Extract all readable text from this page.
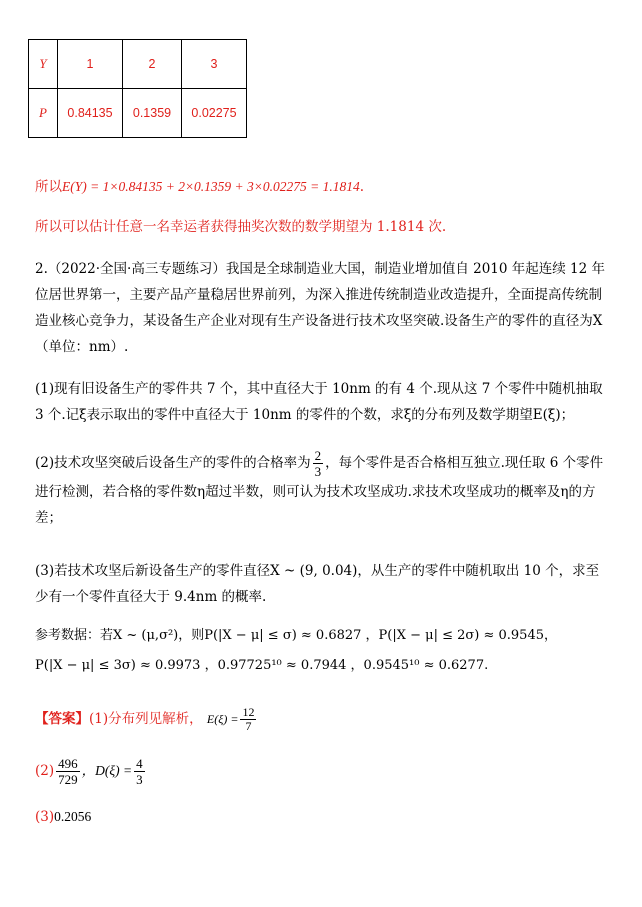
Y	1	2	3
P	0.84135	0.1359	0.02275
所以E(Y) = 1×0.84135 + 2×0.1359 + 3×0.02275 = 1.1814.
所以可以估计任意一名幸运者获得抽奖次数的数学期望为 1.1814 次.
2.（2022·全国·高三专题练习）我国是全球制造业大国，制造业增加值自 2010 年起连续 12 年位居世界第一，主要产品产量稳居世界前列，为深入推进传统制造业改造提升，全面提高传统制造业核心竞争力，某设备生产企业对现有生产设备进行技术攻坚突破.设备生产的零件的直径为X（单位：nm）.
(1)现有旧设备生产的零件共 7 个，其中直径大于 10nm 的有 4 个.现从这 7 个零件中随机抽取 3 个.记ξ表示取出的零件中直径大于 10nm 的零件的个数，求ξ的分布列及数学期望E(ξ)；
(2)技术攻坚突破后设备生产的零件的合格率为 $\frac{2}{3}$ ，每个零件是否合格相互独立.现任取 6 个零件进行检测，若合格的零件数η超过半数，则可认为技术攻坚成功.求技术攻坚成功的概率及η的方差；
(3)若技术攻坚后新设备生产的零件直径X ~ (9, 0.04)，从生产的零件中随机取出 10 个，求至少有一个零件直径大于 9.4nm 的概率.
参考数据：若X ~ (μ,σ²)，则P(|X − μ| ≤ σ) ≈ 0.6827 ，P(|X − μ| ≤ 2σ) ≈ 0.9545，
P(|X − μ| ≤ 3σ) ≈ 0.9973 ，0.97725¹⁰ ≈ 0.7944 ，0.9545¹⁰ ≈ 0.6277.
【答案】(1)分布列见解析， $E(\xi) = \frac{12}{7}$
$(2) \frac{496}{729}$ ，$D(\xi) = \frac{4}{3}$
(3)0.2056
